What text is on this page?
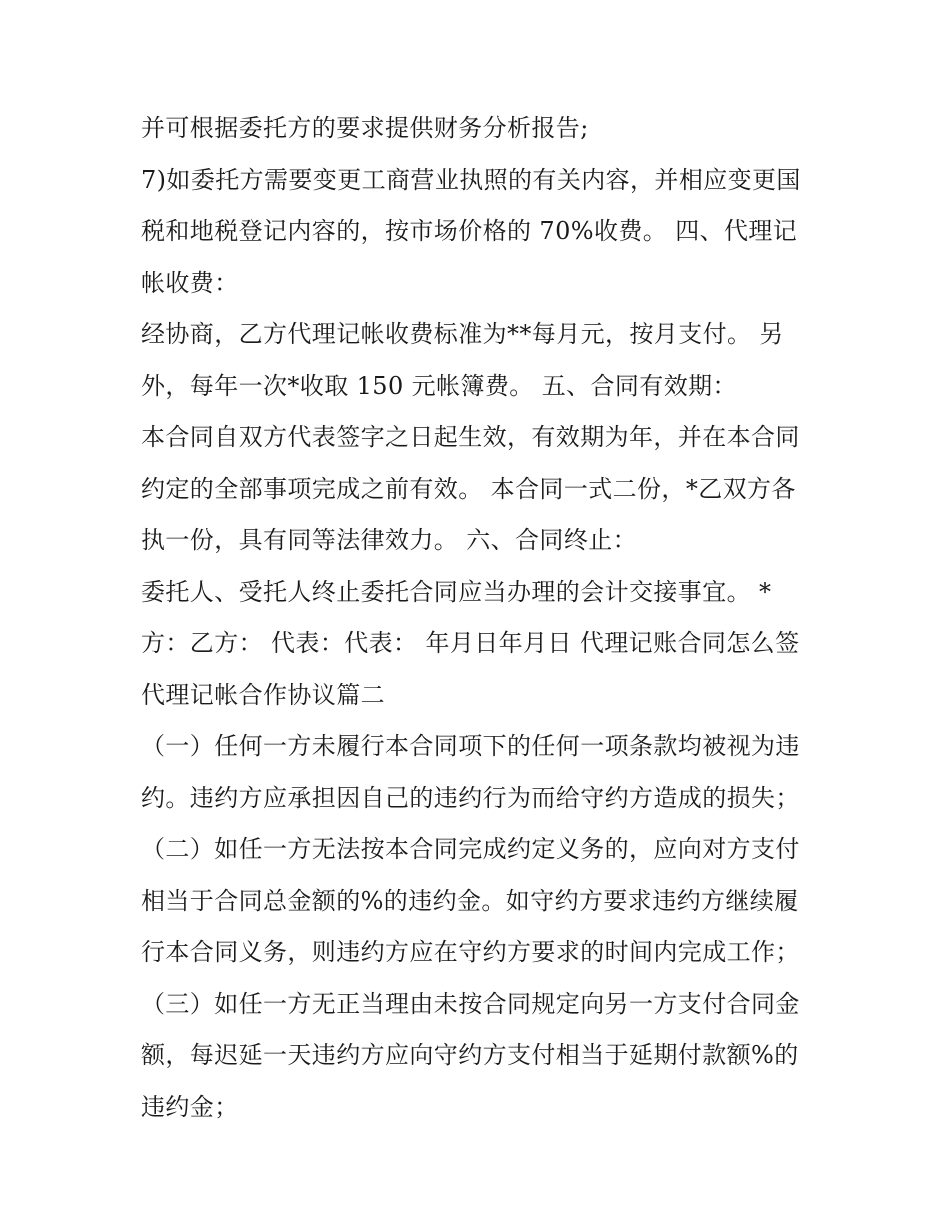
并可根据委托方的要求提供财务分析报告;
7)如委托方需要变更工商营业执照的有关内容，并相应变更国
税和地税登记内容的，按市场价格的 70%收费。 四、代理记
帐收费：
经协商，乙方代理记帐收费标准为**每月元，按月支付。 另
外，每年一次*收取 150 元帐簿费。 五、合同有效期：
本合同自双方代表签字之日起生效，有效期为年，并在本合同
约定的全部事项完成之前有效。 本合同一式二份，*乙双方各
执一份，具有同等法律效力。 六、合同终止：
委托人、受托人终止委托合同应当办理的会计交接事宜。 *
方：乙方： 代表：代表： 年月日年月日 代理记账合同怎么签
代理记帐合作协议篇二
（一）任何一方未履行本合同项下的任何一项条款均被视为违
约。违约方应承担因自己的违约行为而给守约方造成的损失；
（二）如任一方无法按本合同完成约定义务的，应向对方支付
相当于合同总金额的%的违约金。如守约方要求违约方继续履
行本合同义务，则违约方应在守约方要求的时间内完成工作；
（三）如任一方无正当理由未按合同规定向另一方支付合同金
额，每迟延一天违约方应向守约方支付相当于延期付款额%的
违约金；
